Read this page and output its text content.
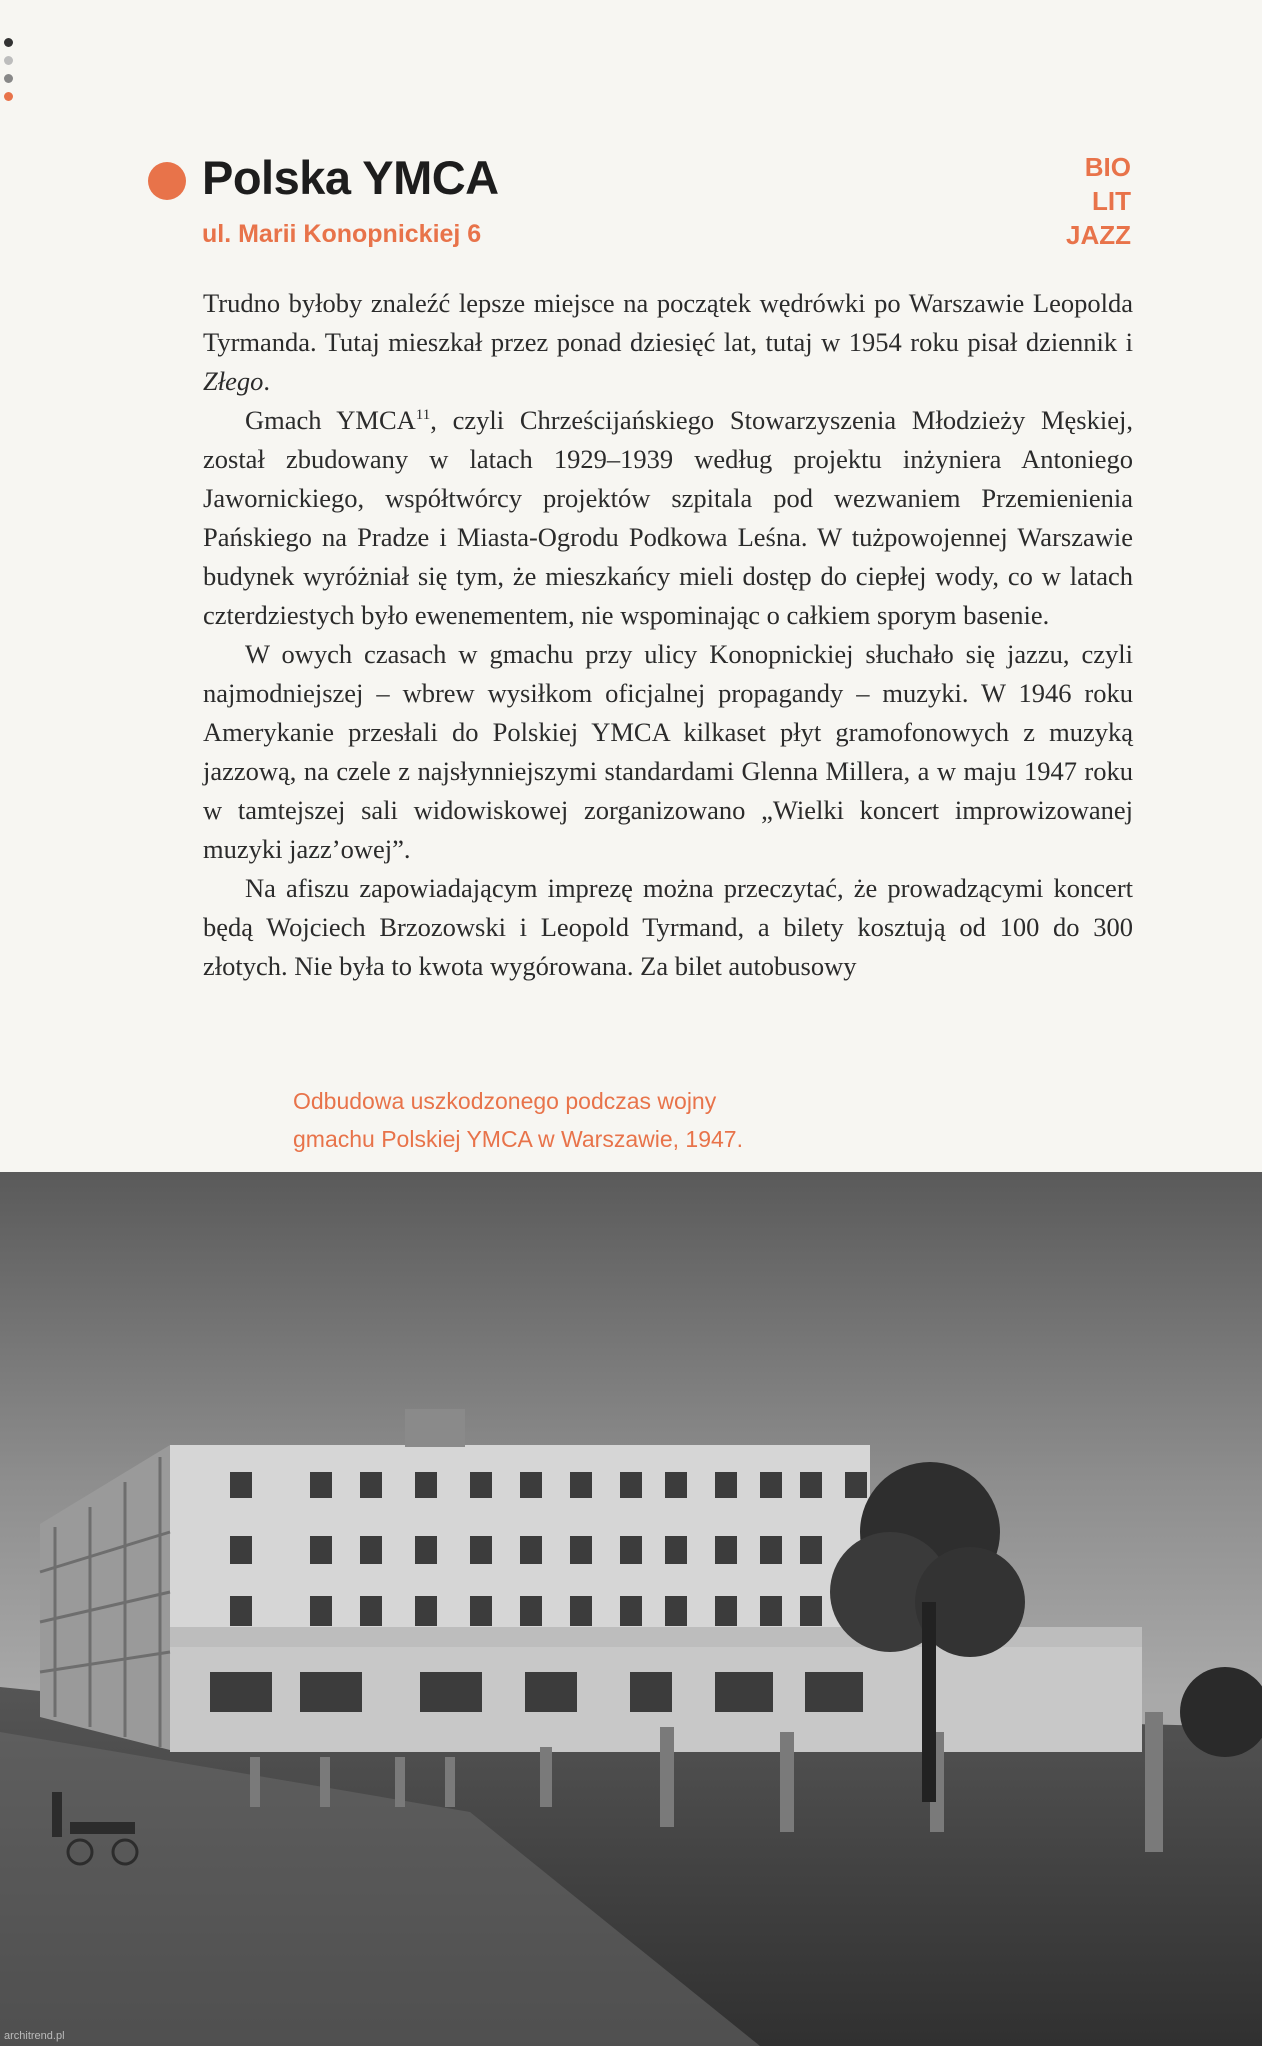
Polska YMCA
ul. Marii Konopnickiej 6
BIO
LIT
JAZZ

Trudno byłoby znaleźć lepsze miejsce na początek wędrówki po Warszawie Leopolda Tyrmanda. Tutaj mieszkał przez ponad dziesięć lat, tutaj w 1954 roku pisał dziennik i Złego.

Gmach YMCA$^{11}$, czyli Chrześcijańskiego Stowarzyszenia Młodzieży Męskiej, został zbudowany w latach 1929–1939 według projektu inżyniera Antoniego Jawornickiego, współtwórcy projektów szpitala pod wezwaniem Przemienienia Pańskiego na Pradze i Miasta-Ogrodu Podkowa Leśna. W tużpowojennej Warszawie budynek wyróżniał się tym, że mieszkańcy mieli dostęp do ciepłej wody, co w latach czterdziestych było ewenementem, nie wspominając o całkiem sporym basenie.

W owych czasach w gmachu przy ulicy Konopnickiej słuchało się jazzu, czyli najmodniejszej – wbrew wysiłkom oficjalnej propagandy – muzyki. W 1946 roku Amerykanie przesłali do Polskiej YMCA kilkaset płyt gramofonowych z muzyką jazzową, na czele z najsłynniejszymi standardami Glenna Millera, a w maju 1947 roku w tamtejszej sali widowiskowej zorganizowano „Wielki koncert improwizowanej muzyki jazz’owej”.

Na afiszu zapowiadającym imprezę można przeczytać, że prowadzącymi koncert będą Wojciech Brzozowski i Leopold Tyrmand, a bilety kosztują od 100 do 300 złotych. Nie była to kwota wygórowana. Za bilet autobusowy

Odbudowa uszkodzonego podczas wojny
gmachu Polskiej YMCA w Warszawie, 1947.
architrend.pl
